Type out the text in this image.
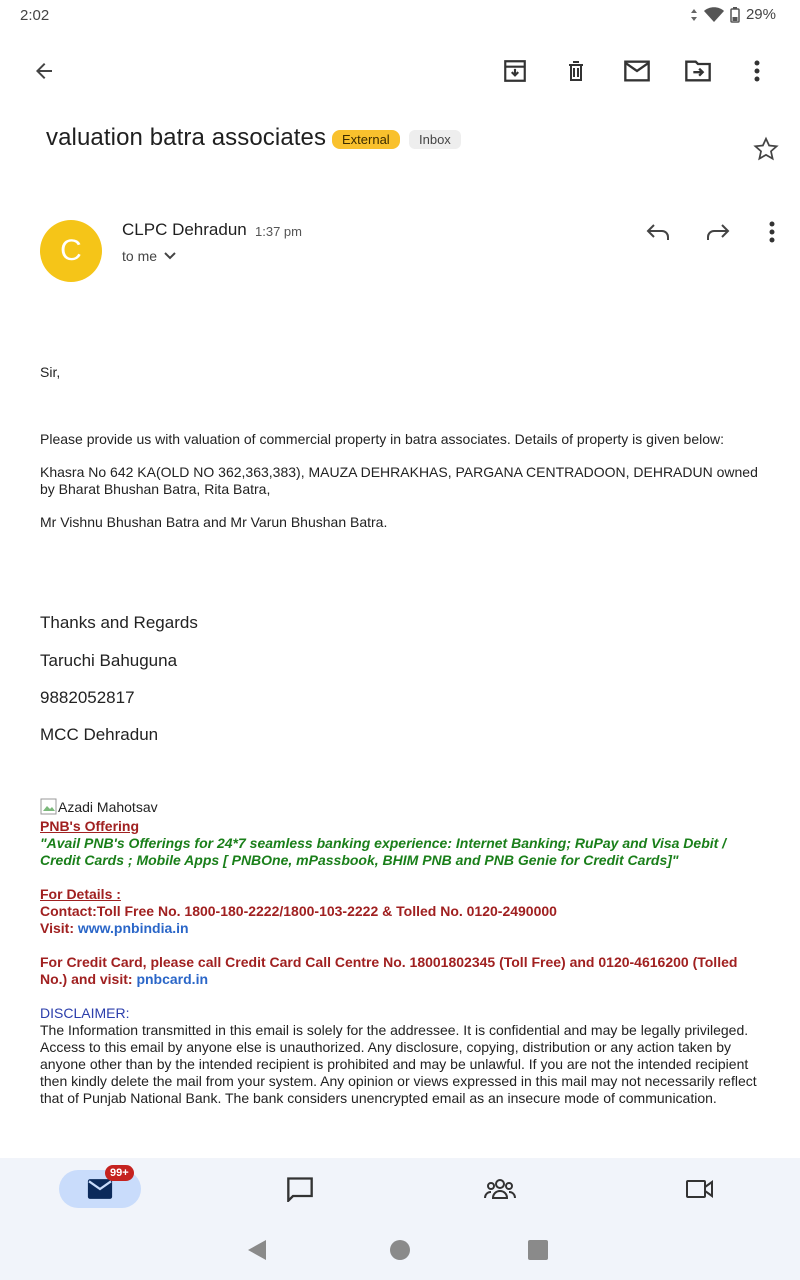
2:02	29%
valuation batra associates	External	Inbox
C
CLPC Dehradun 1:37 pm
to me
Sir,
Please provide us with valuation of commercial property in batra associates. Details of property is given below:
Khasra No 642 KA(OLD NO 362,363,383), MAUZA DEHRAKHAS, PARGANA CENTRADOON, DEHRADUN owned by Bharat Bhushan Batra, Rita Batra,
Mr Vishnu Bhushan Batra and Mr Varun Bhushan Batra.
Thanks and Regards
Taruchi Bahuguna
9882052817
MCC Dehradun
Azadi Mahotsav
PNB's Offering
"Avail PNB's Offerings for 24*7 seamless banking experience: Internet Banking; RuPay and Visa Debit / Credit Cards ; Mobile Apps [ PNBOne, mPassbook, BHIM PNB and PNB Genie for Credit Cards]"
For Details :
Contact:Toll Free No. 1800-180-2222/1800-103-2222 & Tolled No. 0120-2490000
Visit: www.pnbindia.in
For Credit Card, please call Credit Card Call Centre No. 18001802345 (Toll Free) and 0120-4616200 (Tolled No.) and visit: pnbcard.in
DISCLAIMER:
The Information transmitted in this email is solely for the addressee. It is confidential and may be legally privileged. Access to this email by anyone else is unauthorized. Any disclosure, copying, distribution or any action taken by anyone other than by the intended recipient is prohibited and may be unlawful. If you are not the intended recipient then kindly delete the mail from your system. Any opinion or views expressed in this mail may not necessarily reflect that of Punjab National Bank. The bank considers unencrypted email as an insecure mode of communication.
99+
